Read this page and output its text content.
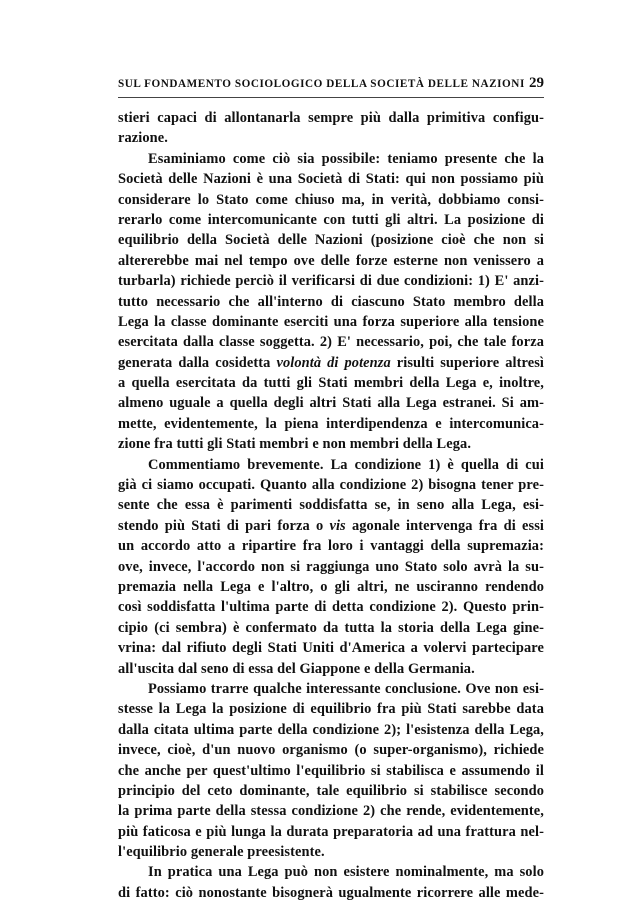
SUL FONDAMENTO SOCIOLOGICO DELLA SOCIETÀ DELLE NAZIONI 29
stieri capaci di allontanarla sempre più dalla primitiva configu-
razione.
Esaminiamo come ciò sia possibile: teniamo presente che la
Società delle Nazioni è una Società di Stati: qui non possiamo più
considerare lo Stato come chiuso ma, in verità, dobbiamo consi-
rerarlo come intercomunicante con tutti gli altri. La posizione di
equilibrio della Società delle Nazioni (posizione cioè che non si
altererebbe mai nel tempo ove delle forze esterne non venissero a
turbarla) richiede perciò il verificarsi di due condizioni: 1) E' anzi-
tutto necessario che all'interno di ciascuno Stato membro della
Lega la classe dominante eserciti una forza superiore alla tensione
esercitata dalla classe soggetta. 2) E' necessario, poi, che tale forza
generata dalla cosidetta volontà di potenza risulti superiore altresì
a quella esercitata da tutti gli Stati membri della Lega e, inoltre,
almeno uguale a quella degli altri Stati alla Lega estranei. Si am-
mette, evidentemente, la piena interdipendenza e intercomunica-
zione fra tutti gli Stati membri e non membri della Lega.
Commentiamo brevemente. La condizione 1) è quella di cui
già ci siamo occupati. Quanto alla condizione 2) bisogna tener pre-
sente che essa è parimenti soddisfatta se, in seno alla Lega, esi-
stendo più Stati di pari forza o vis agonale intervenga fra di essi
un accordo atto a ripartire fra loro i vantaggi della supremazia:
ove, invece, l'accordo non si raggiunga uno Stato solo avrà la su-
premazia nella Lega e l'altro, o gli altri, ne usciranno rendendo
così soddisfatta l'ultima parte di detta condizione 2). Questo prin-
cipio (ci sembra) è confermato da tutta la storia della Lega gine-
vrina: dal rifiuto degli Stati Uniti d'America a volervi partecipare
all'uscita dal seno di essa del Giappone e della Germania.
Possiamo trarre qualche interessante conclusione. Ove non esi-
stesse la Lega la posizione di equilibrio fra più Stati sarebbe data
dalla citata ultima parte della condizione 2); l'esistenza della Lega,
invece, cioè, d'un nuovo organismo (o super-organismo), richiede
che anche per quest'ultimo l'equilibrio si stabilisca e assumendo il
principio del ceto dominante, tale equilibrio si stabilisce secondo
la prima parte della stessa condizione 2) che rende, evidentemente,
più faticosa e più lunga la durata preparatoria ad una frattura nel-
l'equilibrio generale preesistente.
In pratica una Lega può non esistere nominalmente, ma solo
di fatto: ciò nonostante bisognerà ugualmente ricorrere alle mede-
